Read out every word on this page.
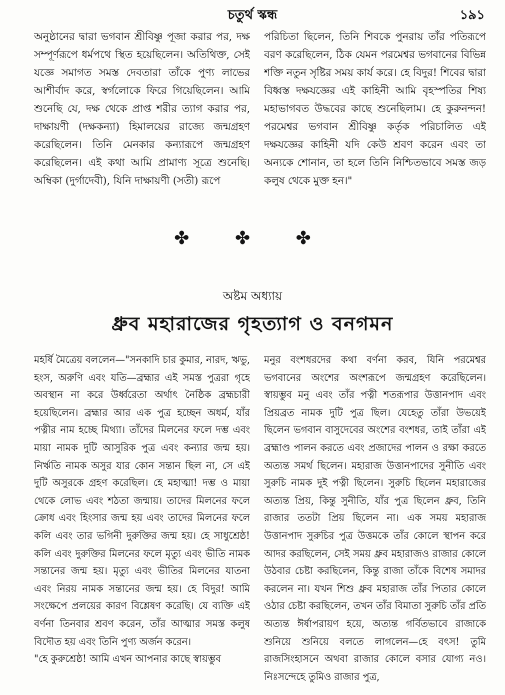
চতুর্থ স্কন্ধ	১৯১
অনুষ্ঠানের দ্বারা ভগবান শ্রীবিষ্ণু পূজা করার পর, দক্ষ সম্পূর্ণরূপে ধর্মপথে স্থিত হয়েছিলেন। অতিথিক্ত, সেই যজ্ঞে সমাগত সমস্ত দেবতারা তাঁকে পুণ্য লাভের আশীর্বাদ করে, স্বর্গলোকে ফিরে গিয়েছিলেন। আমি শুনেছি যে, দক্ষ থেকে প্রাপ্ত শরীর ত্যাগ করার পর, দাক্ষায়ণী (দক্ষকন্যা) হিমালয়ের রাজ্যে জন্মগ্রহণ করেছিলেন। তিনি মেনকার কন্যারূপে জন্মগ্রহণ করেছিলেন। এই কথা আমি প্রামাণ্য সূত্রে শুনেছি। অম্বিকা (দুর্গাদেবী), যিনি দাক্ষায়ণী (সতী) রূপে
পরিচিতা ছিলেন, তিনি শিবকে পুনরায় তাঁর পতিরূপে বরণ করেছিলেন, ঠিক যেমন পরমেশ্বর ভগবানের বিভিন্ন শক্তি নতুন সৃষ্টির সময় কার্য করে। হে বিদুর! শিবের দ্বারা বিধ্বস্ত দক্ষযজ্ঞের এই কাহিনী আমি বৃহস্পতির শিষ্য মহাভাগবত উদ্ধবের কাছে শুনেছিলাম। হে কুরুনন্দন! পরমেশ্বর ভগবান শ্রীবিষ্ণু কর্তৃক পরিচালিত এই দক্ষযজ্ঞের কাহিনী যদি কেউ শ্রবণ করেন এবং তা অন্যকে শোনান, তা হলে তিনি নিশ্চিতভাবে সমস্ত জড় কলুষ থেকে মুক্ত হন।"
✤ ✤ ✤
অষ্টম অধ্যায়
ধ্রুব মহারাজের গৃহত্যাগ ও বনগমন
মহর্ষি মৈত্রেয় বললেন—"সনকাদি চার কুমার, নারদ, ঋভু, হংস, অরুণি এবং যতি—ব্রহ্মার এই সমস্ত পুত্ররা গৃহে অবস্থান না করে উর্ধ্বরেতা অর্থাৎ নৈষ্ঠিক ব্রহ্মচারী হয়েছিলেন। ব্রহ্মার আর এক পুত্র হচ্ছেন অধর্ম, যাঁর পত্নীর নাম হচ্ছে মিথ্যা। তাঁদের মিলনের ফলে দম্ভ এবং মায়া নামক দুটি আসুরিক পুত্র এবং কন্যার জন্ম হয়। নির্ঋতি নামক অসুর যার কোন সন্তান ছিল না, সে এই দুটি অসুরকে গ্রহণ করেছিল। হে মহাত্মা! দম্ভ ও মায়া থেকে লোভ এবং শঠতা জন্মায়। তাদের মিলনের ফলে ক্রোধ এবং হিংসার জন্ম হয় এবং তাদের মিলনের ফলে কলি এবং তার ভগিনী দুরুক্তির জন্ম হয়। হে সাধুশ্রেষ্ঠ! কলি এবং দুরুক্তির মিলনের ফলে মৃত্যু এবং ভীতি নামক সন্তানের জন্ম হয়। মৃত্যু এবং ভীতির মিলনের যাতনা এবং নিরয় নামক সন্তানের জন্ম হয়। হে বিদুর! আমি সংক্ষেপে প্রলয়ের কারণ বিশ্লেষণ করেছি। যে ব্যক্তি এই বর্ণনা তিনবার শ্রবণ করেন, তাঁর আত্মার সমস্ত কলুষ বিদৌত হয় এবং তিনি পুণ্য অর্জন করেন।
"হে কুরুশ্রেষ্ঠ! আমি এখন আপনার কাছে স্বায়ম্ভুব
মনুর বংশধরদের কথা বর্ণনা করব, যিনি পরমেশ্বর ভগবানের অংশের অংশরূপে জন্মগ্রহণ করেছিলেন। স্বায়ম্ভুব মনু এবং তাঁর পত্নী শতরূপার উত্তানপাদ এবং প্রিয়ব্রত নামক দুটি পুত্র ছিল। যেহেতু তাঁরা উভয়েই ছিলেন ভগবান বাসুদেবের অংশের বংশধর, তাই তাঁরা এই ব্রহ্মাণ্ড পালন করতে এবং প্রজাদের পালন ও রক্ষা করতে অত্যন্ত সমর্থ ছিলেন। মহারাজ উত্তানপাদের সুনীতি এবং সুরুচি নামক দুই পত্নী ছিলেন। সুরুচি ছিলেন মহারাজের অত্যন্ত প্রিয়, কিন্তু সুনীতি, যাঁর পুত্র ছিলেন ধ্রুব, তিনি রাজার ততটা প্রিয় ছিলেন না। এক সময় মহারাজ উত্তানপাদ সুরুচির পুত্র উত্তমকে তাঁর কোলে স্থাপন করে আদর করছিলেন, সেই সময় ধ্রুব মহারাজও রাজার কোলে উঠবার চেষ্টা করছিলেন, কিন্তু রাজা তাঁকে বিশেষ সমাদর করলেন না। যখন শিশু ধ্রুব মহারাজ তাঁর পিতার কোলে ওঠার চেষ্টা করছিলেন, তখন তাঁর বিমাতা সুরুচি তাঁর প্রতি অত্যন্ত ঈর্ষাপরায়ণ হয়ে, অত্যন্ত গর্বিতভাবে রাজাকে শুনিয়ে শুনিয়ে বলতে লাগলেন—হে বৎস! তুমি রাজসিংহাসনে অথবা রাজার কোলে বসার যোগ্য নও। নিঃসন্দেহে তুমিও রাজার পুত্র,
